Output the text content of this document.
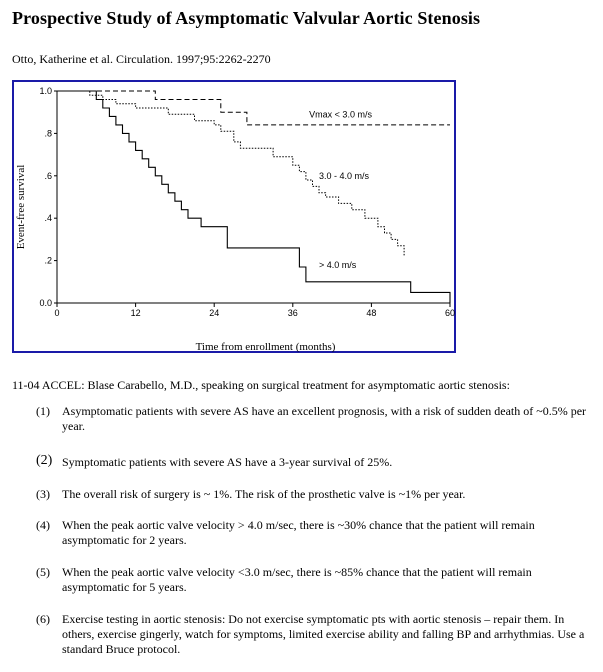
Prospective Study of Asymptomatic Valvular Aortic Stenosis
Otto, Katherine et al. Circulation. 1997;95:2262-2270
0.0
.2
.4
.6
.8
1.0
0	12	24	36	48	60
Time from enrollment (months)
Event-free survival
Vmax < 3.0 m/s
3.0 - 4.0 m/s
> 4.0 m/s
11-04 ACCEL: Blase Carabello, M.D., speaking on surgical treatment for asymptomatic aortic stenosis:
(1) Asymptomatic patients with severe AS have an excellent prognosis, with a risk of sudden death of ~0.5% per year.
(2) Symptomatic patients with severe AS have a 3-year survival of 25%.
(3) The overall risk of surgery is ~ 1%. The risk of the prosthetic valve is ~1% per year.
(4) When the peak aortic valve velocity > 4.0 m/sec, there is ~30% chance that the patient will remain asymptomatic for 2 years.
(5) When the peak aortic valve velocity <3.0 m/sec, there is ~85% chance that the patient will remain asymptomatic for 5 years.
(6) Exercise testing in aortic stenosis: Do not exercise symptomatic pts with aortic stenosis – repair them. In others, exercise gingerly, watch for symptoms, limited exercise ability and falling BP and arrhythmias. Use a standard Bruce protocol.
